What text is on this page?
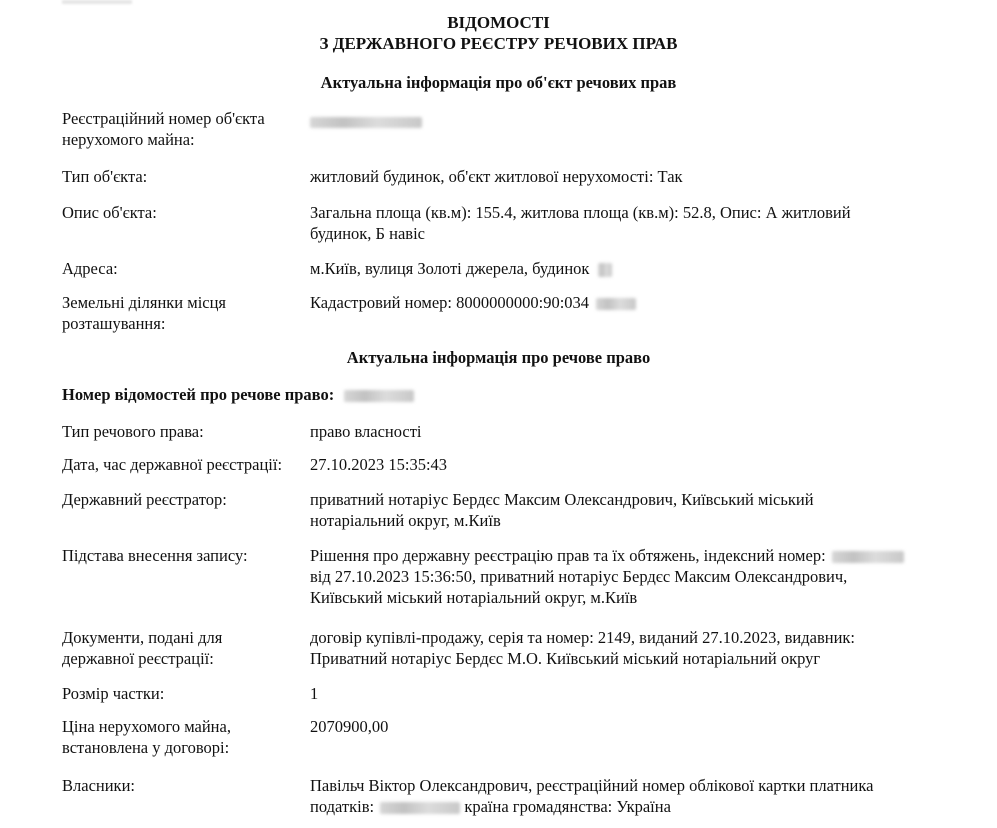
ВІДОМОСТІ
З ДЕРЖАВНОГО РЕЄСТРУ РЕЧОВИХ ПРАВ
Актуальна інформація про об'єкт речових прав
Реєстраційний номер об'єкта нерухомого майна:
Тип об'єкта:	житловий будинок, об'єкт житлової нерухомості: Так
Опис об'єкта:	Загальна площа (кв.м): 155.4, житлова площа (кв.м): 52.8, Опис: А житловий будинок, Б навіс
Адреса:	м.Київ, вулиця Золоті джерела, будинок
Земельні ділянки місця розташування:
Кадастровий номер: 8000000000:90:034
Актуальна інформація про речове право
Номер відомостей про речове право:
Тип речового права:	право власності
Дата, час державної реєстрації:	27.10.2023 15:35:43
Державний реєстратор:	приватний нотаріус Бердєс Максим Олександрович, Київський міський нотаріальний округ, м.Київ
Підстава внесення запису:	Рішення про державну реєстрацію прав та їх обтяжень, індексний номер:  від 27.10.2023 15:36:50, приватний нотаріус Бердєс Максим Олександрович, Київський міський нотаріальний округ, м.Київ
Документи, подані для державної реєстрації:
договір купівлі-продажу, серія та номер: 2149, виданий 27.10.2023, видавник: Приватний нотаріус Бердєс М.О. Київський міський нотаріальний округ
Розмір частки:	1
Ціна нерухомого майна, встановлена у договорі:
2070900,00
Власники:	Павільч Віктор Олександрович, реєстраційний номер облікової картки платника податків:	країна громадянства: Україна
